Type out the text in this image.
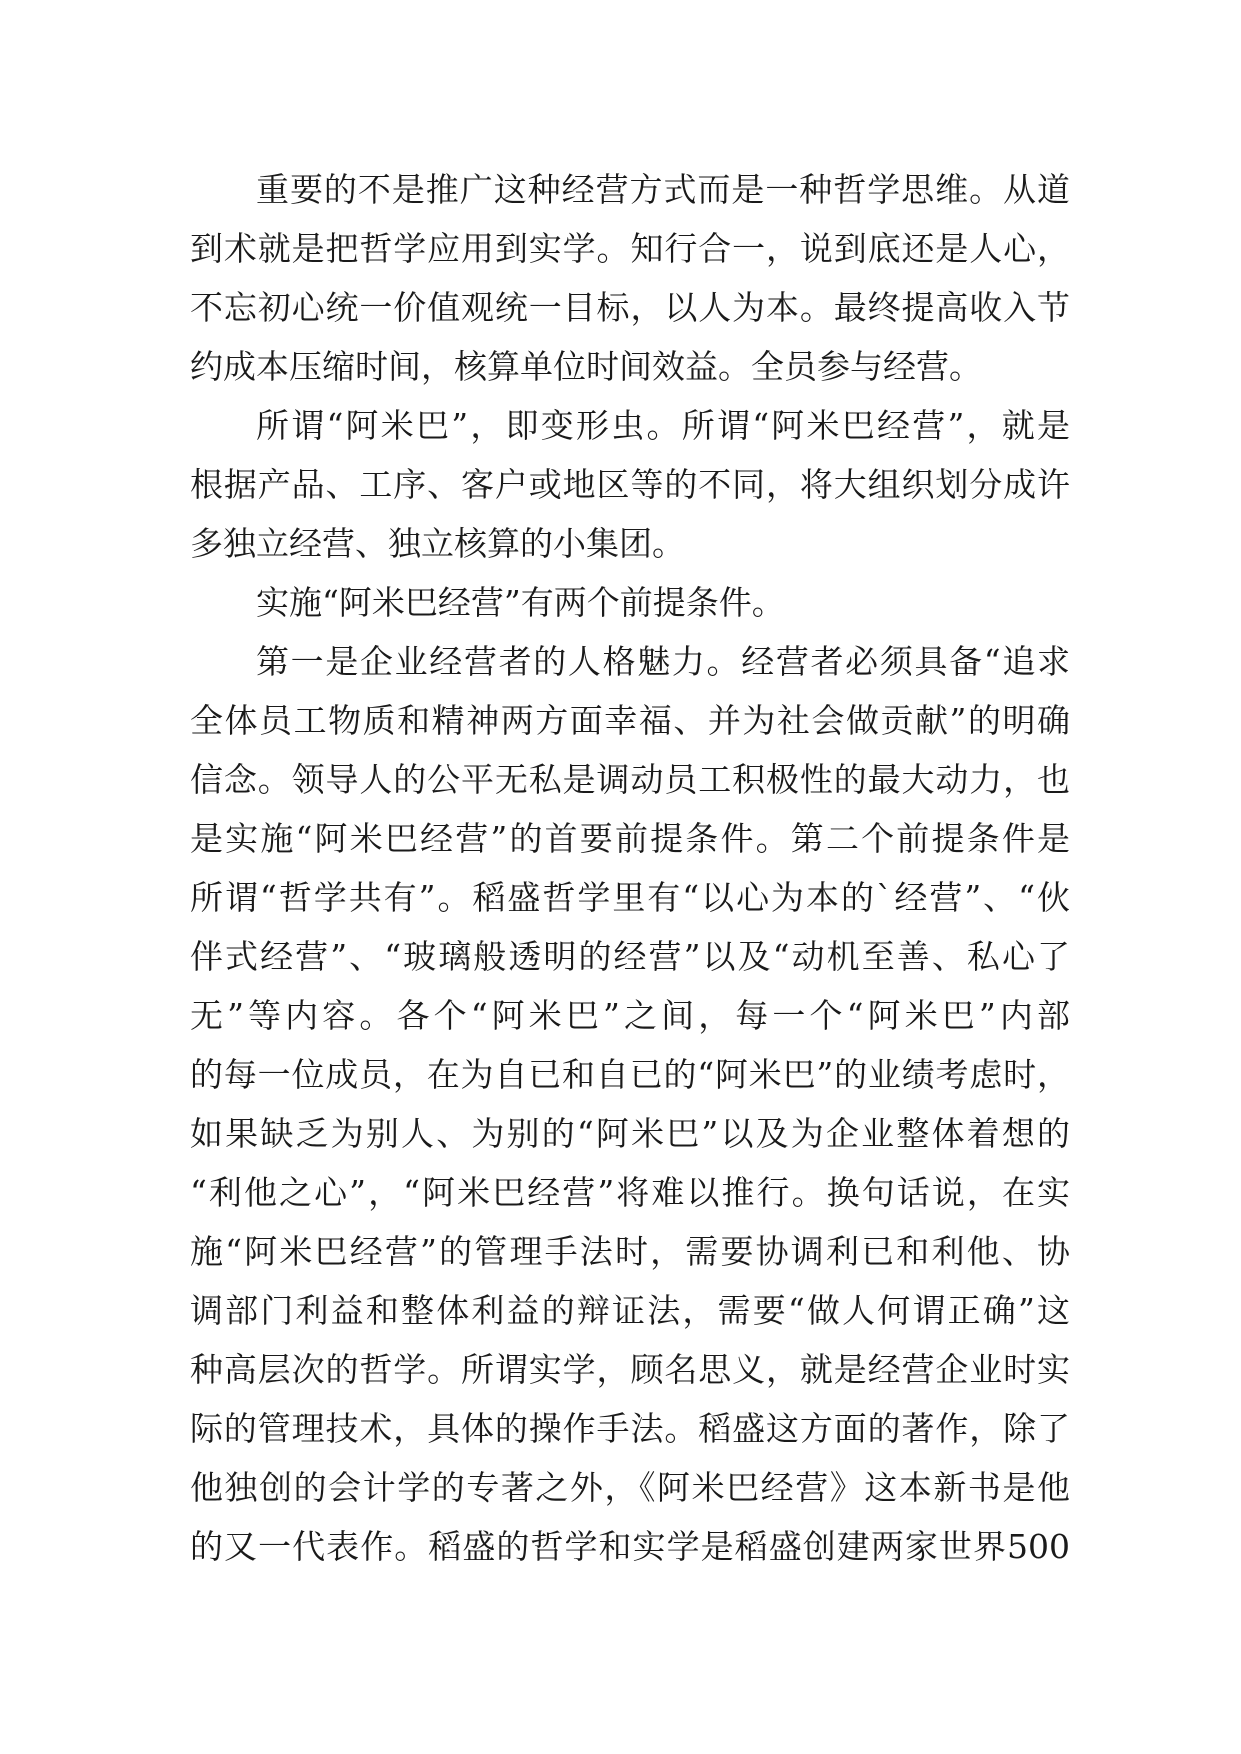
重要的不是推广这种经营方式而是一种哲学思维。从道
到术就是把哲学应用到实学。知行合一，说到底还是人心，
不忘初心统一价值观统一目标，以人为本。最终提高收入节
约成本压缩时间，核算单位时间效益。全员参与经营。
所谓“阿米巴”，即变形虫。所谓“阿米巴经营”，就是
根据产品、工序、客户或地区等的不同，将大组织划分成许
多独立经营、独立核算的小集团。
实施“阿米巴经营”有两个前提条件。
第一是企业经营者的人格魅力。经营者必须具备“追求
全体员工物质和精神两方面幸福、并为社会做贡献”的明确
信念。领导人的公平无私是调动员工积极性的最大动力，也
是实施“阿米巴经营”的首要前提条件。第二个前提条件是
所谓“哲学共有”。稻盛哲学里有“以心为本的`经营”、“伙
伴式经营”、“玻璃般透明的经营”以及“动机至善、私心了
无”等内容。各个“阿米巴”之间，每一个“阿米巴”内部
的每一位成员，在为自已和自已的“阿米巴”的业绩考虑时，
如果缺乏为别人、为别的“阿米巴”以及为企业整体着想的
“利他之心”，“阿米巴经营”将难以推行。换句话说，在实
施“阿米巴经营”的管理手法时，需要协调利已和利他、协
调部门利益和整体利益的辩证法，需要“做人何谓正确”这
种高层次的哲学。所谓实学，顾名思义，就是经营企业时实
际的管理技术，具体的操作手法。稻盛这方面的著作，除了
他独创的会计学的专著之外，《阿米巴经营》这本新书是他
的又一代表作。稻盛的哲学和实学是稻盛创建两家世界500
